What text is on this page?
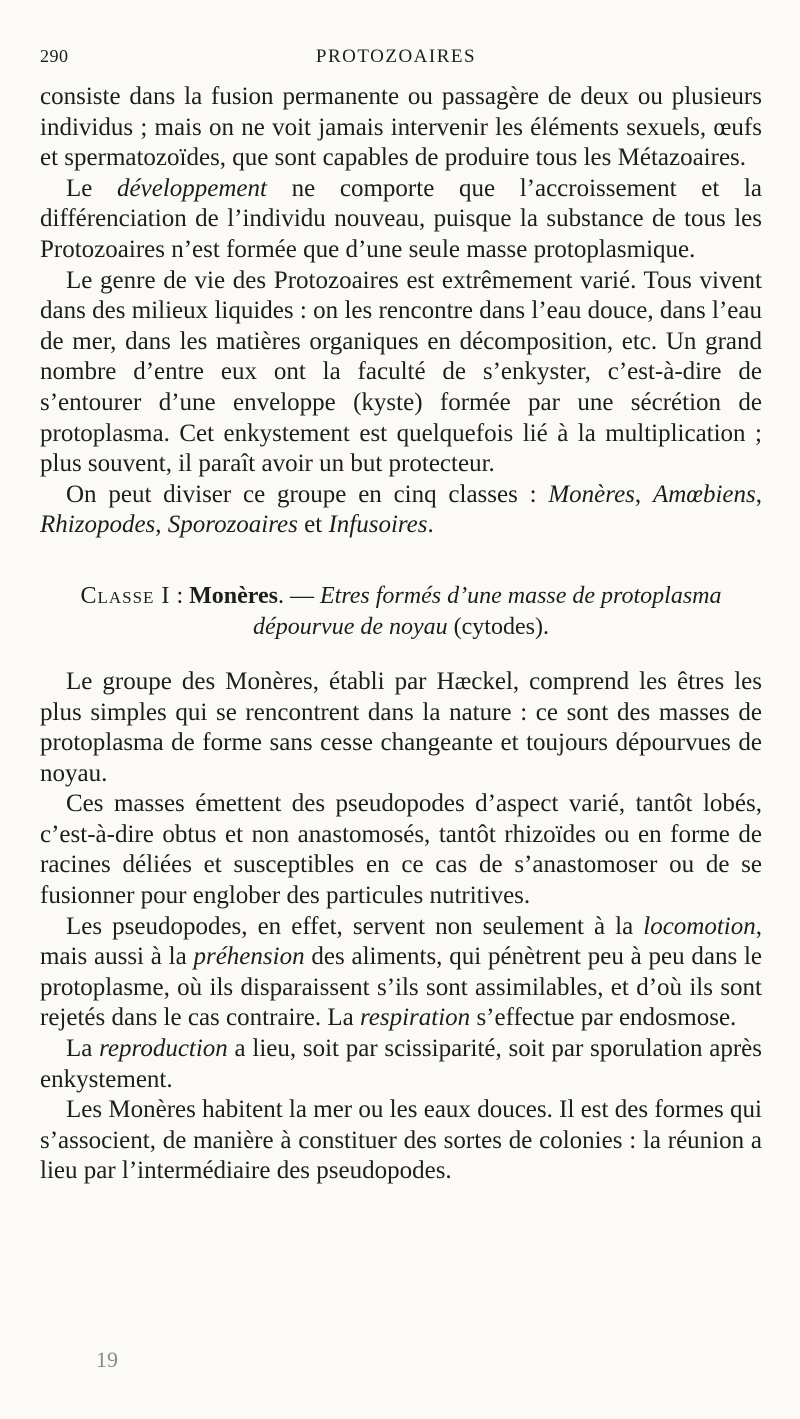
290	PROTOZOAIRES

consiste dans la fusion permanente ou passagère de deux ou plusieurs individus ; mais on ne voit jamais intervenir les éléments sexuels, œufs et spermatozoïdes, que sont capables de produire tous les Métazoaires.

Le développement ne comporte que l’accroissement et la différenciation de l’individu nouveau, puisque la substance de tous les Protozoaires n’est formée que d’une seule masse protoplasmique.

Le genre de vie des Protozoaires est extrêmement varié. Tous vivent dans des milieux liquides : on les rencontre dans l’eau douce, dans l’eau de mer, dans les matières organiques en décomposition, etc. Un grand nombre d’entre eux ont la faculté de s’enkyster, c’est-à-dire de s’entourer d’une enveloppe (kyste) formée par une sécrétion de protoplasma. Cet enkystement est quelquefois lié à la multiplication ; plus souvent, il paraît avoir un but protecteur.

On peut diviser ce groupe en cinq classes : Monères, Amœbiens, Rhizopodes, Sporozoaires et Infusoires.

Classe I : Monères. — Etres formés d’une masse de protoplasma dépourvue de noyau (cytodes).

Le groupe des Monères, établi par Hæckel, comprend les êtres les plus simples qui se rencontrent dans la nature : ce sont des masses de protoplasma de forme sans cesse changeante et toujours dépourvues de noyau.

Ces masses émettent des pseudopodes d’aspect varié, tantôt lobés, c’est-à-dire obtus et non anastomosés, tantôt rhizoïdes ou en forme de racines déliées et susceptibles en ce cas de s’anastomoser ou de se fusionner pour englober des particules nutritives.

Les pseudopodes, en effet, servent non seulement à la locomotion, mais aussi à la préhension des aliments, qui pénètrent peu à peu dans le protoplasme, où ils disparaissent s’ils sont assimilables, et d’où ils sont rejetés dans le cas contraire. La respiration s’effectue par endosmose.

La reproduction a lieu, soit par scissiparité, soit par sporulation après enkystement.

Les Monères habitent la mer ou les eaux douces. Il est des formes qui s’associent, de manière à constituer des sortes de colonies : la réunion a lieu par l’intermédiaire des pseudopodes.

19
